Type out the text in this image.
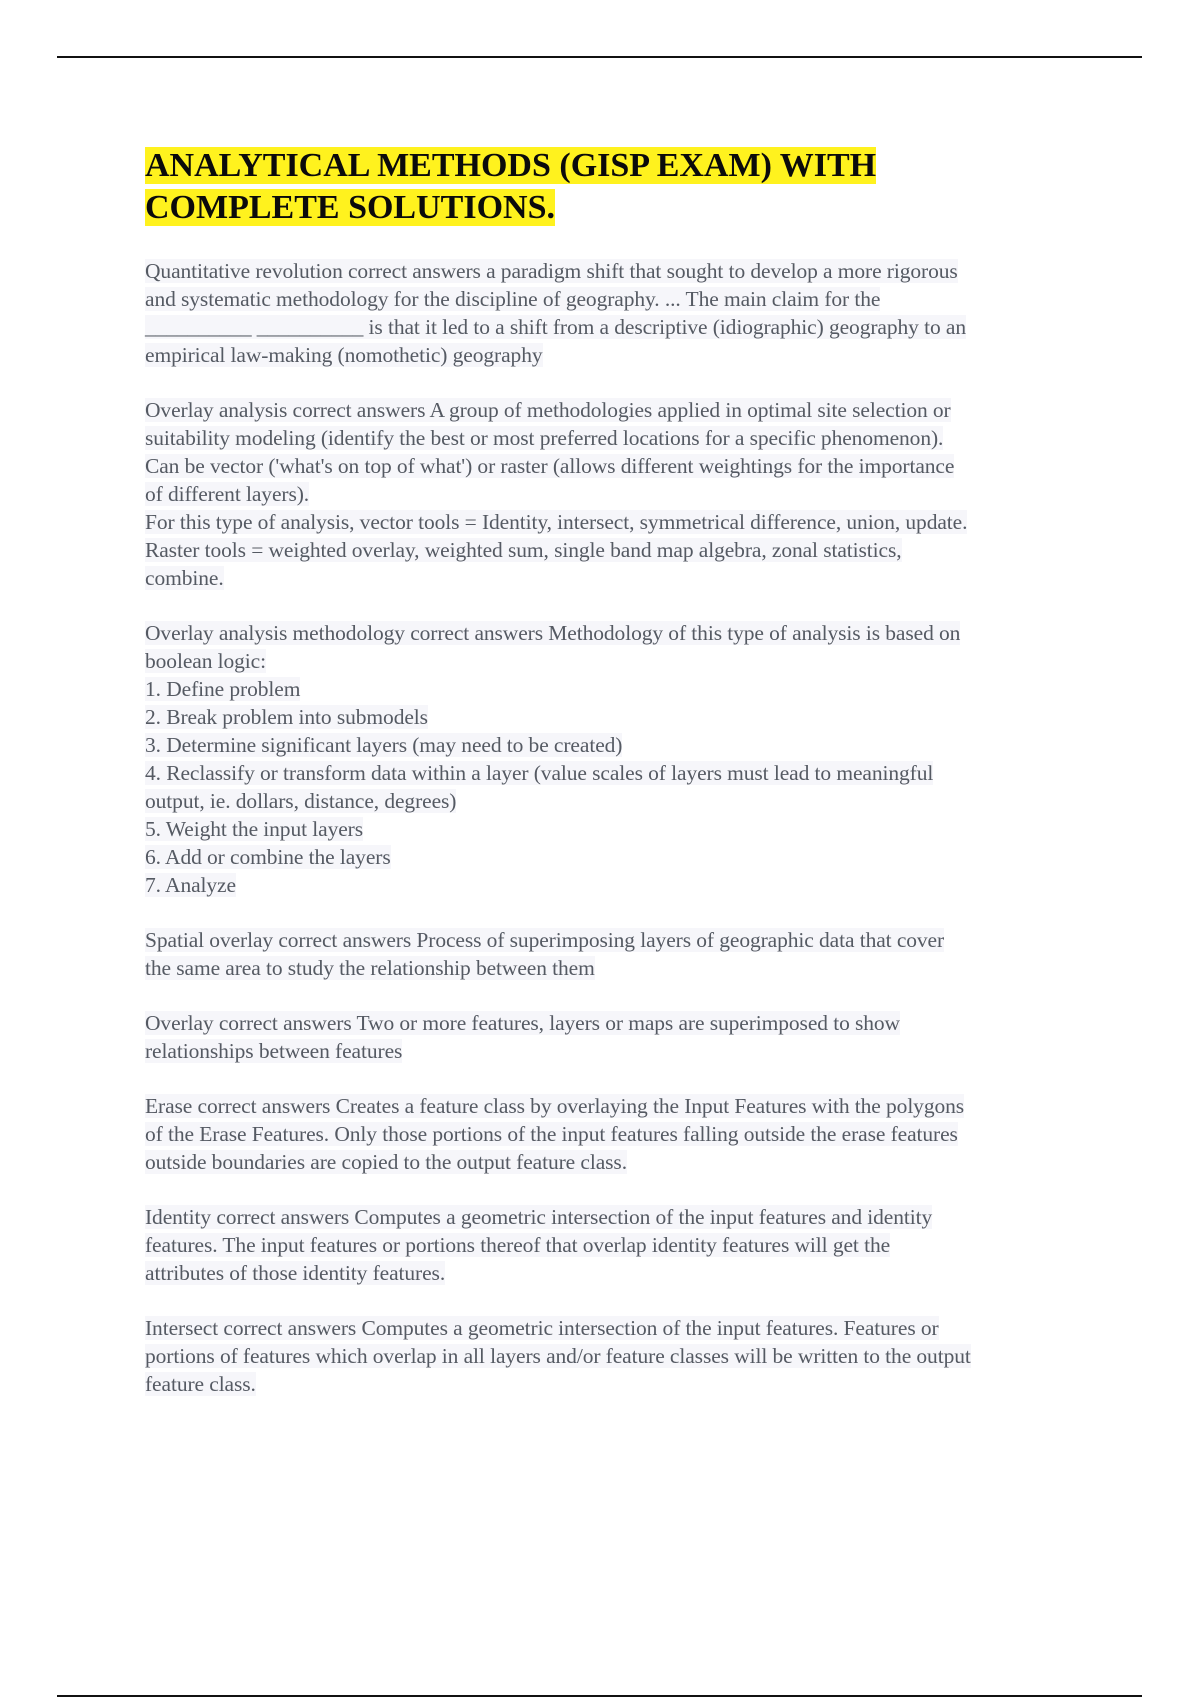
ANALYTICAL METHODS (GISP EXAM) WITH
COMPLETE SOLUTIONS.

Quantitative revolution correct answers a paradigm shift that sought to develop a more rigorous
and systematic methodology for the discipline of geography. ... The main claim for the
__________ __________ is that it led to a shift from a descriptive (idiographic) geography to an
empirical law-making (nomothetic) geography

Overlay analysis correct answers A group of methodologies applied in optimal site selection or
suitability modeling (identify the best or most preferred locations for a specific phenomenon).
Can be vector ('what's on top of what') or raster (allows different weightings for the importance
of different layers).
For this type of analysis, vector tools = Identity, intersect, symmetrical difference, union, update.
Raster tools = weighted overlay, weighted sum, single band map algebra, zonal statistics,
combine.

Overlay analysis methodology correct answers Methodology of this type of analysis is based on
boolean logic:
1. Define problem
2. Break problem into submodels
3. Determine significant layers (may need to be created)
4. Reclassify or transform data within a layer (value scales of layers must lead to meaningful
output, ie. dollars, distance, degrees)
5. Weight the input layers
6. Add or combine the layers
7. Analyze

Spatial overlay correct answers Process of superimposing layers of geographic data that cover
the same area to study the relationship between them

Overlay correct answers Two or more features, layers or maps are superimposed to show
relationships between features

Erase correct answers Creates a feature class by overlaying the Input Features with the polygons
of the Erase Features. Only those portions of the input features falling outside the erase features
outside boundaries are copied to the output feature class.

Identity correct answers Computes a geometric intersection of the input features and identity
features. The input features or portions thereof that overlap identity features will get the
attributes of those identity features.

Intersect correct answers Computes a geometric intersection of the input features. Features or
portions of features which overlap in all layers and/or feature classes will be written to the output
feature class.
